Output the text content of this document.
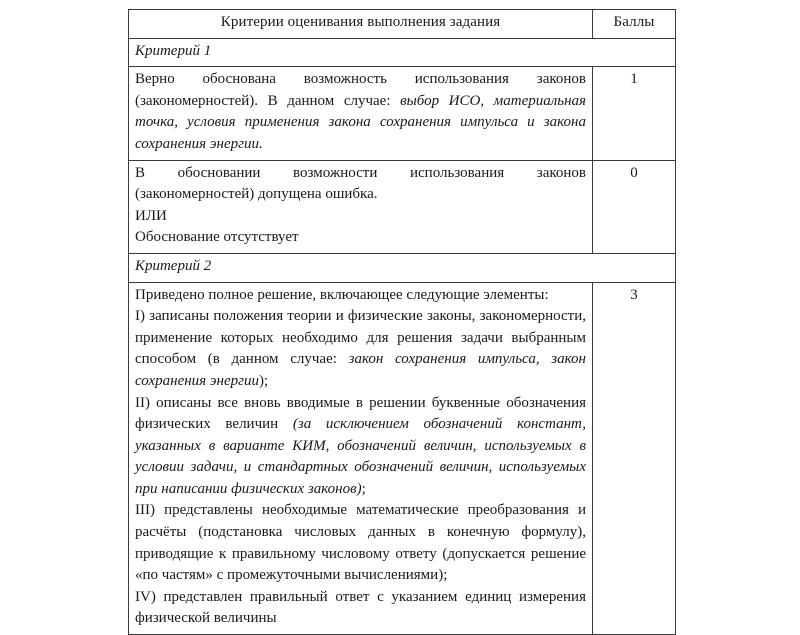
Критерии оценивания выполнения задания	Баллы
Критерий 1	

Верно обоснована возможность использования законов (закономерностей). В данном случае: выбор ИСО, материальная точка, условия применения закона сохранения импульса и закона сохранения энергии.	1

В обосновании возможности использования законов (закономерностей) допущена ошибка.

ИЛИ

Обоснование отсутствует	0
Критерий 2	

Приведено полное решение, включающее следующие элементы:

I) записаны положения теории и физические законы, закономерности, применение которых необходимо для решения задачи выбранным способом (в данном случае: закон сохранения импульса, закон сохранения энергии);

II) описаны все вновь вводимые в решении буквенные обозначения физических величин (за исключением обозначений констант, указанных в варианте КИМ, обозначений величин, используемых в условии задачи, и стандартных обозначений величин, используемых при написании физических законов);

III) представлены необходимые математические преобразования и расчёты (подстановка числовых данных в конечную формулу), приводящие к правильному числовому ответу (допускается решение «по частям» с промежуточными вычислениями);

IV) представлен правильный ответ с указанием единиц измерения физической величины	3
